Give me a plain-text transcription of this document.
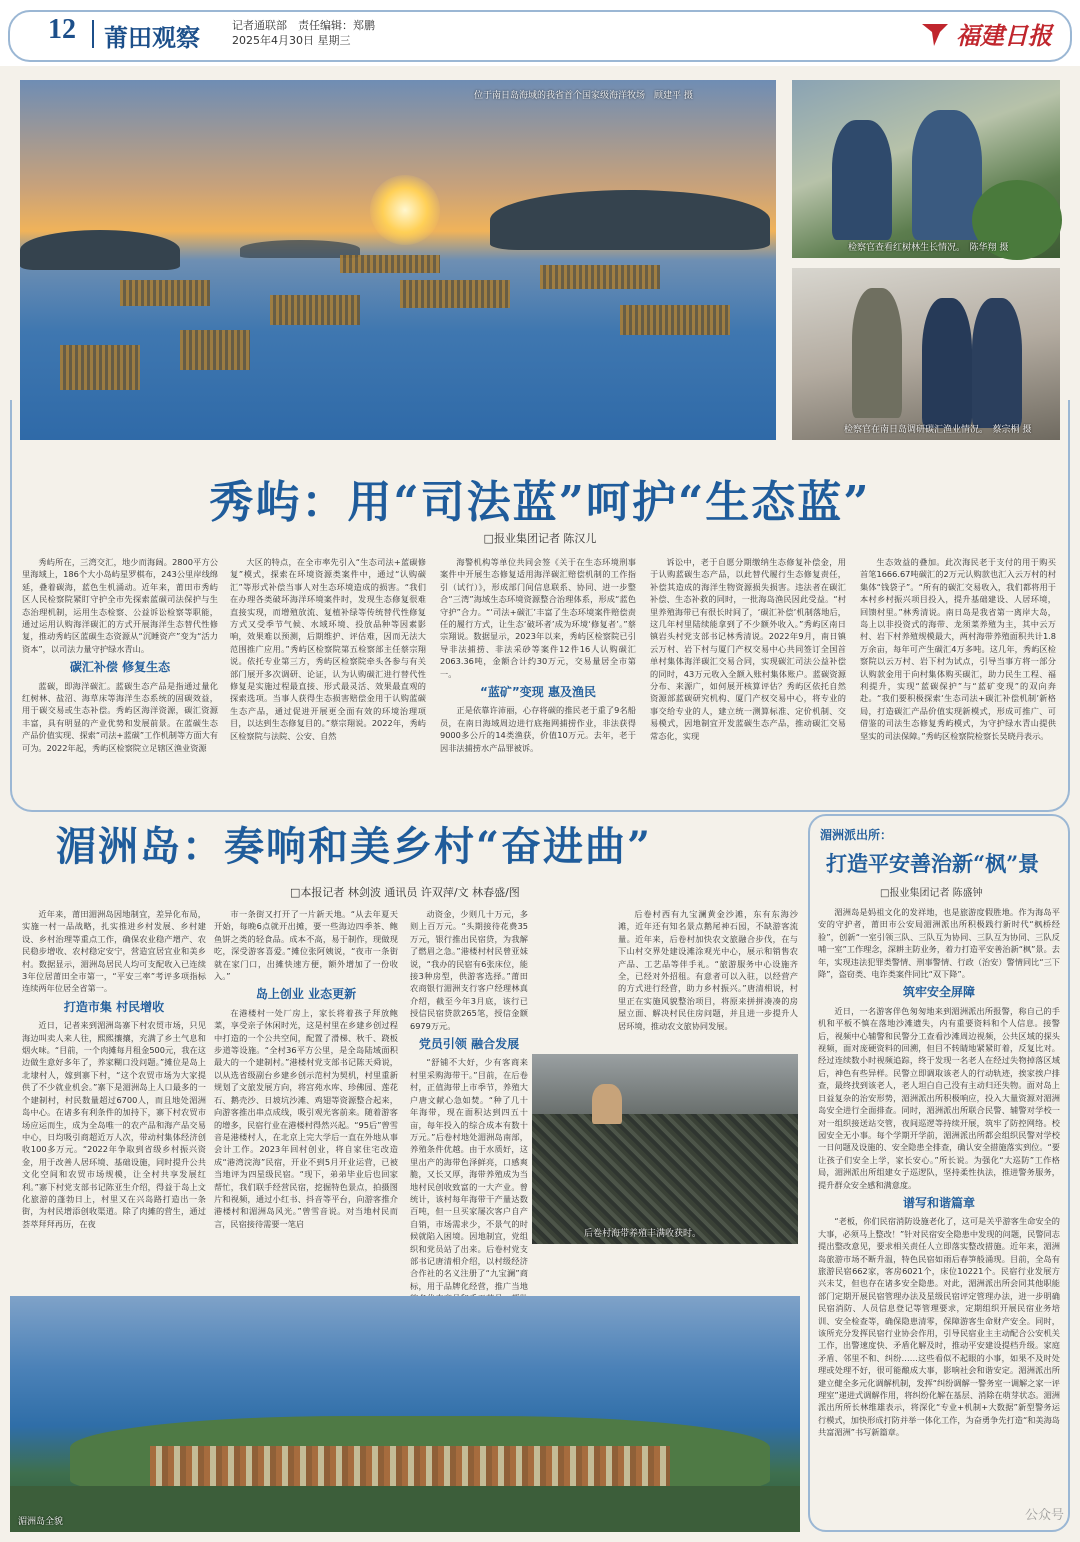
12 莆田观察	记者通联部　责任编辑：郑鹏
2025年4月30日 星期三	福建日报
位于南日岛海域的我省首个国家级海洋牧场　顾建平 摄
检察官查看红树林生长情况。　陈华翔 摄
检察官在南日岛调研碳汇渔业情况。　蔡宗桐 摄
秀屿：用“司法蓝”呵护“生态蓝”
□报业集团记者 陈汉儿

秀屿所在，三湾交汇，地少而海阔。2800平方公里海域上，186个大小岛屿星罗棋布，243公里岸线绵延，叠着碳海，蓝色生机涌动。近年来，莆田市秀屿区人民检察院紧盯守护全市先探索蓝碳司法保护与生态治理机制，运用生态检察、公益诉讼检察等职能，通过运用认购海洋碳汇的方式开展海洋生态替代性修复，推动秀屿区蓝碳生态资源从“沉睡资产”变为“活力资本”，以司法力量守护绿水青山。

碳汇补偿 修复生态

蓝碳，即海洋碳汇。蓝碳生态产品是指通过量化红树林、盐沼、海草床等海洋生态系统的固碳效益，用于碳交易或生态补偿。秀屿区海洋资源，碳汇资源丰富，具有明显的产业优势和发展前景。在蓝碳生态产品价值实现、探索“司法+蓝碳”工作机制等方面大有可为。2022年起，秀屿区检察院立足辖区渔业资源

大区的特点，在全市率先引入“生态司法+蓝碳修复”模式，探索在环境资源类案件中，通过“认购碳汇”等形式补偿当事人对生态环境造成的损害。“我们在办理各类破坏海洋环境案件时，发现生态修复很难直接实现，而增殖放流、复植补绿等传统替代性修复方式又受季节气候、水域环境、投放品种等因素影响，效果难以预测，后期维护、评估难，因而无法大范围推广应用。”秀屿区检察院第五检察部主任蔡宗翔说。依托专业第三方，秀屿区检察院牵头各参与有关部门展开多次调研、论证，认为认购碳汇进行替代性修复是实施过程最直接、形式最灵活、效果最直观的探索选项。当事人获得生态损害赔偿金用于认购蓝碳生态产品，通过促进开展更全面有效的环境治理项目，以达到生态修复目的。”蔡宗翔说。2022年，秀屿区检察院与法院、公安、自然

海警机构等单位共同会签《关于在生态环境刑事案件中开展生态修复适用海洋碳汇赔偿机制的工作指引（试行）》，形成部门间信息联系、协同、进一步整合“三湾”海域生态环境资源整合治理体系，形成“蓝色守护”合力。“‘司法+碳汇’丰富了生态环境案件赔偿责任的履行方式，让生态‘破坏者’成为环境‘修复者’。”蔡宗翔说。数据显示，2023年以来，秀屿区检察院已引导非法捕捞、非法采砂等案件12件16人认购碳汇2063.36吨，金额合计约30万元，交易量居全市第一。

“蓝矿”变现 惠及渔民

正是依靠许沛丽，心存将碳的推民老于重了9名船员，在南日海域周边进行底拖网捕捞作业，非法获得9000多公斤的14类渔获，价值10万元。去年，老于因非法捕捞水产品罪被诉。

诉讼中，老于自愿分期缴纳生态修复补偿金，用于认购蓝碳生态产品，以此替代履行生态修复责任，补偿其造成的海洋生物资源损失损害。违法者在碳汇补偿、生态补救的同时，一批海岛渔民因此受益。“村里养殖海带已有很长时间了，‘碳汇补偿’机制落地后，这几年村里陆续能拿到了不少额外收入。”秀屿区南日镇岩头村党支部书记林秀清说。2022年9月，南日镇云万村、岩下村与厦门产权交易中心共同签订全国首单村集体海洋碳汇交易合同，实现碳汇司法公益补偿的同时，43万元收入全额入账村集体账户。蓝碳资源分布、来源广，如何展开核算评估？秀屿区依托自然资源部蓝碳研究机构、厦门产权交易中心，将专业的事交给专业的人，建立统一测算标准、定价机制、交易模式，因地制宜开发蓝碳生态产品，推动碳汇交易常态化，实现

生态效益的叠加。此次海民老于支付的用于购买首笔1666.67吨碳汇的2万元认购款也汇入云万村的村集体“钱袋子”。“所有的碳汇交易收入，我们都将用于本村乡村振兴项目投入，提升基础建设、人居环境，回馈村里。”林秀清说。南日岛是我省第一离岸大岛，岛上以非投资式的海带、龙须菜养殖为主，其中云万村、岩下村养殖规模最大，两村海带养殖面积共计1.8万余亩，每年可产生碳汇4万多吨。这几年，秀屿区检察院以云万村、岩下村为试点，引导当事方将一部分认购款金用于向村集体购买碳汇，助力民生工程、福利提升，实现“蓝碳保护”与“蓝矿变现”的双向奔赴。“我们要积极探索‘生态司法+碳汇补偿机制’新格局，打造碳汇产品价值实现新模式，形成可推广、可借鉴的司法生态修复秀屿模式，为守护绿水青山提供坚实的司法保障。”秀屿区检察院检察长吴晓丹表示。

湄洲岛：奏响和美乡村“奋进曲”
□本报记者 林剑波 通讯员 许双萍/文 林春盛/图

近年来，莆田湄洲岛因地制宜，差异化布局，实施一村一品战略，扎实推进乡村发展、乡村建设、乡村治理等重点工作，确保农业稳产增产、农民稳步增收、农村稳定安宁，营造宜居宜业和美乡村。数据显示，湄洲岛居民人均可支配收入已连续3年位居莆田全市第一，“平安三率”考评多项指标连续两年位居全省第一。

打造市集 村民增收

近日，记者来到湄洲岛寨下村农贸市场，只见海边叫卖人来人往，熙熙攘攘，充满了乡土气息和烟火味。“目前，一个肉摊每月租金500元，我在这边做生意好多年了，养家糊口没问题。”摊位是岛上北埭村人，嫁到寨下村，“这个农贸市场为大家提供了不少就业机会。”寨下是湄洲岛上人口最多的一个建制村，村民数量超过6700人，而且地处湄洲岛中心。在诸多有利条件的加持下，寨下村农贸市场应运而生，成为全岛唯一的农产品和海产品交易中心，日均吸引商超近万人次，带动村集体经济创收100多万元。“2022年争取到省级乡村振兴资金，用于改善人居环境、基础设施，同时提升公共文化空间和农贸市场规模，让全村共享发展红利。”寨下村党支部书记陈亚生介绍，得益于岛上文化旅游的蓬勃日上，村里又在兴岛路打造出一条街，为村民增添创收渠道。除了肉摊的营生，通过荟萃拜拜再历，在夜

市一条街又打开了一片新天地。“从去年夏天开始，每晚6点就开出摊，要一些海边四季茶、鲍鱼饼之类的轻食品。成本不高，易于制作，现做现吃，深受游客喜爱。”摊位张阿姨说，“夜市一条街就在家门口，出摊快速方便，额外增加了一份收入。”

岛上创业 业态更新

在港楼村一处厂房上，家长将着孩子拜放鲍菜，享受亲子休闲时光，这是村里在乡建乡创过程中打造的一个公共空间，配置了滑梯、秋千、跷板步道等设施。“全村36平方公里，是全岛陆域面积最大的一个建制村。”港楼村党支部书记陈天舜说，以从选省级副台乡建乡创示范村为契机，村里重新规划了文旅发展方向，将宫苑水库、珍佛园、莲花石、鹅壳沙、日坡坑沙滩、鸡翅等资源整合起来，向游客推出串点成线，吸引观光客前来。随着游客的增多，民宿行业在港楼村得然兴起。“95后”曾雪音是港楼村人，在北京上完大学后一直在外地从事会计工作。2023年回村创业，将自家住宅改造成“港湾浣海”民宿，开业不到5月开业运营，已被当地评为四星级民宿。“现下，弟弟毕业后也回家帮忙，我们联手经营民宿，挖掘特色景点，拍摄图片和视频，通过小红书、抖音等平台，向游客推介港楼村和湄洲岛风光。”曾雪音说。对当地村民而言，民宿接待需要一笔启

动资金，少则几十万元，多则上百万元。“头期接待花费35万元，银行推出民宿贷，为我解了燃眉之急。”港楼村村民曾亚妹说，“我办的民宿有6张床位，能接3种房型，供游客选择。”莆田农商银行湄洲支行客户经理林真介绍，截至今年3月底，该行已授信民宿贷款265笔，授信金额6979万元。

党员引领 融合发展

“舒铺不大好，少有客商来村里采购海带干。”目前，在后卷村，正值海带上市季节，养殖大户唐文献心急如焚。“种了几十年海带，现在面积达到四五十亩，每年投入的综合成本有数十万元。”后卷村地处湄洲岛南部，养殖条件优越。由于水质好，这里出产的海带色泽鲜亮，口感爽脆，又长又厚，海带养殖成为当地村民创收致富的一大产业。曾统计，该村每年海带干产量达数百吨，但一旦买家屡次客户自产自销，市场需求少，不景气的时候就陷入困境。因地制宜，党组织和党员站了出来。后卷村党支部书记唐清相介绍，以村级经济合作社的名义注册了“九宝澜”商标，用于品牌化经营，推广当地

后卷村西有九宝澜黄金沙滩，东有东海沙滩，近年还有知名景点鹅尾神石园，不缺游客流量。近年来，后卷村加快农文旅融合步伐，在与下山村交界处建设滩涂观光中心，展示和销售农产品、工艺品等伴手礼。“旅游服务中心设施齐全，已经对外招租。有意者可以入驻，以经营产的方式进行经营，助力乡村振兴。”唐清相说，村里正在实施风貌整治项目，将原来拼拼凑凑的房屋立面、解决村民住房问题，并且进一步提升人居环境，推动农文旅协同发展。

后卷村海带养殖丰满收获时。
湄洲岛全貌
湄洲派出所：
打造平安善治新“枫”景
□报业集团记者 陈盛钟

湄洲岛是妈祖文化的发祥地，也是旅游度假胜地。作为海岛平安的守护者，莆田市公安局湄洲派出所积极践行新时代“枫桥经验”，创新“一室引领三队、三队互为协同、三队互为协同、三队反哺一室”工作理念，深耕主防业务，着力打造平安善治新“枫”景。去年，实现违法犯罪类警情、刑事警情、行政（治安）警情同比“三下降”，盗窃类、电诈类案件同比“双下降”。

筑牢安全屏障

近日，一名游客伴色匆匆地来到湄洲派出所报警，称自己的手机和平板不慎在落地沙滩遗失，内有重要资料和个人信息。接警后，视频中心辅警和民警分工查看沙滩周边视频，公共区域的探头视频，面对庞硬资料的回溯，但目不转睛地紧紧盯着，反复比对。经过连续数小时视频追踪，终于发现一名老人在经过失物掉落区域后，神色有些异样。民警立即调取该老人的行动轨迹，挨家挨户排查，最终找到该老人，老人坦白自己没有主动归还失物。面对岛上日益复杂的治安形势，湄洲派出所积极响应，投入大量资源对湄洲岛安全进行全面排查。同时，湄洲派出所联合民警、辅警对学校一对一组织接送站交管，夜间巡逻等持续开展，筑牢了防控网络。校园安全无小事。每个学期开学前，湄洲派出所都会组织民警对学校一日问题及设施的、安全隐患全排查，确认安全措施落实到位。“要让孩子们安全上学，家长安心。”所长说。为强化“大巡防”工作格局，湄洲派出所组建女子巡逻队，坚持柔性执法，推进警务服务，提升群众安全感和满意度。

谱写和谐篇章

“老板，你们民宿消防设施老化了，这可是关乎游客生命安全的大事，必须马上整改！”针对民宿安全隐患中发现的问题，民警同志提出整改意见，要求相关责任人立即落实整改措施。近年来，湄洲岛旅游市场不断升温，特色民宿如雨后春笋般涌现。目前，全岛有旅游民宿662家，客房6021个，床位10221个。民宿行业发展方兴未艾，但也存在诸多安全隐患。对此，湄洲派出所会同其他职能部门定期开展民宿管理办法及星级民宿评定管理办法，进一步明确民宿消防、人员信息登记等管理要求，定期组织开展民宿业务培训、安全检查等，确保隐患清零，保障游客生命财产安全。同时，该所充分发挥民宿行业协会作用，引导民宿业主主动配合公安机关工作，出警速度快、矛盾化解及时，推动平安建设提档升级。家庭矛盾、邻里不和、纠纷……这些看似不起眼的小事，如果不及时处理或处理不好，很可能酿成大事，影响社会和谐安定。湄洲派出所建立健全多元化调解机制，发挥“纠纷调解一警务室一调解之家一评理室”递进式调解作用，将纠纷化解在基层、消除在萌芽状态。湄洲派出所所长林维雄表示，将深化“专业+机制+大数据”新型警务运行模式，加快形成打防并举一体化工作，为奋勇争先打造“和美海岛 共富湄洲”书写新篇章。

公众号
